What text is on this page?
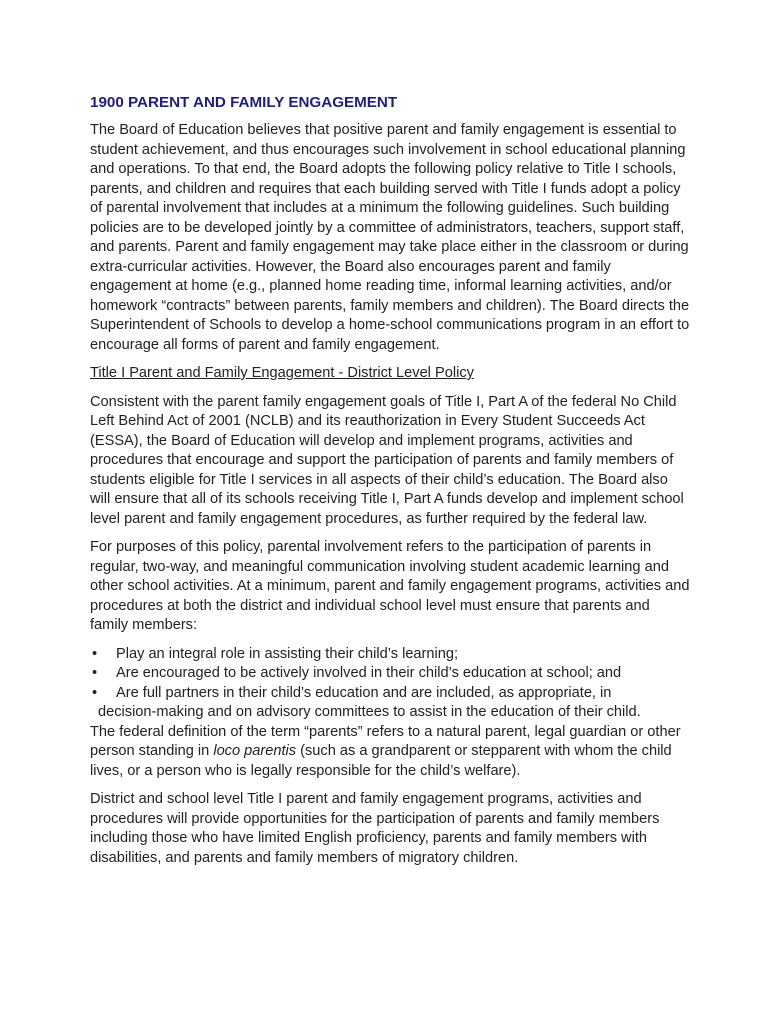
1900 PARENT AND FAMILY ENGAGEMENT

The Board of Education believes that positive parent and family engagement is essential to student achievement, and thus encourages such involvement in school educational planning and operations. To that end, the Board adopts the following policy relative to Title I schools, parents, and children and requires that each building served with Title I funds adopt a policy of parental involvement that includes at a minimum the following guidelines. Such building policies are to be developed jointly by a committee of administrators, teachers, support staff, and parents. Parent and family engagement may take place either in the classroom or during extra-curricular activities. However, the Board also encourages parent and family engagement at home (e.g., planned home reading time, informal learning activities, and/or homework “contracts” between parents, family members and children). The Board directs the Superintendent of Schools to develop a home-school communications program in an effort to encourage all forms of parent and family engagement.

Title I Parent and Family Engagement - District Level Policy

Consistent with the parent family engagement goals of Title I, Part A of the federal No Child Left Behind Act of 2001 (NCLB) and its reauthorization in Every Student Succeeds Act (ESSA), the Board of Education will develop and implement programs, activities and procedures that encourage and support the participation of parents and family members of students eligible for Title I services in all aspects of their child’s education. The Board also will ensure that all of its schools receiving Title I, Part A funds develop and implement school level parent and family engagement procedures, as further required by the federal law.

For purposes of this policy, parental involvement refers to the participation of parents in regular, two-way, and meaningful communication involving student academic learning and other school activities. At a minimum, parent and family engagement programs, activities and procedures at both the district and individual school level must ensure that parents and family members:

• Play an integral role in assisting their child’s learning;
• Are encouraged to be actively involved in their child’s education at school; and
• Are full partners in their child’s education and are included, as appropriate, in
decision-making and on advisory committees to assist in the education of their child.

The federal definition of the term “parents” refers to a natural parent, legal guardian or other person standing in loco parentis (such as a grandparent or stepparent with whom the child lives, or a person who is legally responsible for the child’s welfare).

District and school level Title I parent and family engagement programs, activities and procedures will provide opportunities for the participation of parents and family members including those who have limited English proficiency, parents and family members with disabilities, and parents and family members of migratory children.
